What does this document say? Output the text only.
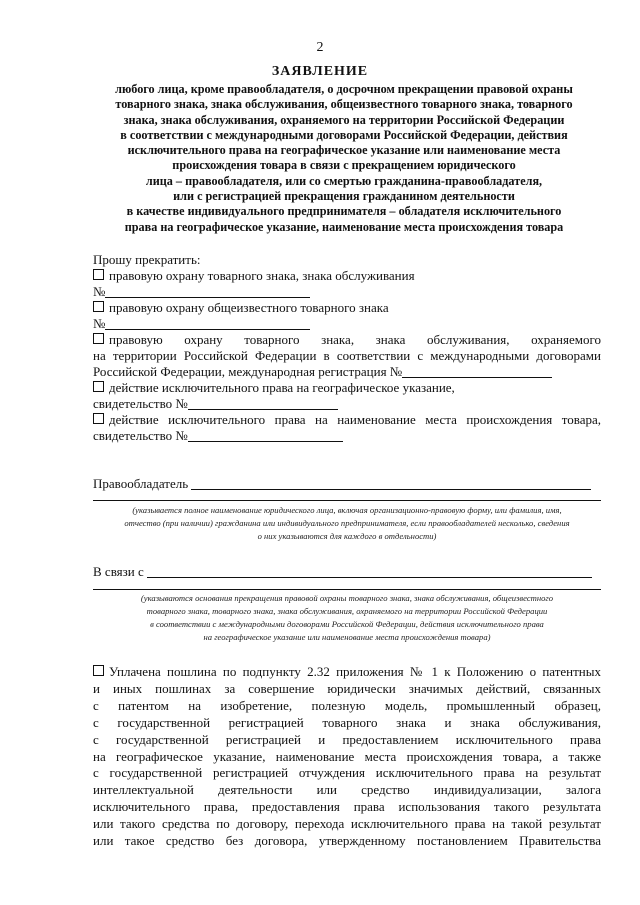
2
ЗАЯВЛЕНИЕ
любого лица, кроме правообладателя, о досрочном прекращении правовой охраны
товарного знака, знака обслуживания, общеизвестного товарного знака, товарного
знака, знака обслуживания, охраняемого на территории Российской Федерации
в соответствии с международными договорами Российской Федерации, действия
исключительного права на географическое указание или наименование места
происхождения товара в связи с прекращением юридического
лица – правообладателя, или со смертью гражданина-правообладателя,
или с регистрацией прекращения гражданином деятельности
в качестве индивидуального предпринимателя – обладателя исключительного
права на географическое указание, наименование места происхождения товара
Прошу прекратить:
правовую охрану товарного знака, знака обслуживания
№
правовую охрану общеизвестного товарного знака
№
правовую охрану товарного знака, знака обслуживания, охраняемого
на территории Российской Федерации в соответствии с международными договорами
Российской Федерации, международная регистрация №
действие исключительного права на географическое указание,
свидетельство №
действие исключительного права на наименование места происхождения товара,
свидетельство №
Правообладатель
(указывается полное наименование юридического лица, включая организационно-правовую форму, или фамилия, имя,
отчество (при наличии) гражданина или индивидуального предпринимателя, если правообладателей несколько, сведения
о них указываются для каждого в отдельности)
В связи с
(указываются основания прекращения правовой охраны товарного знака, знака обслуживания, общеизвестного
товарного знака, товарного знака, знака обслуживания, охраняемого на территории Российской Федерации
в соответствии с международными договорами Российской Федерации, действия исключительного права
на географическое указание или наименование места происхождения товара)
Уплачена пошлина по подпункту 2.32 приложения № 1 к Положению о патентных
и иных пошлинах за совершение юридически значимых действий, связанных
с патентом на изобретение, полезную модель, промышленный образец,
с государственной регистрацией товарного знака и знака обслуживания,
с государственной регистрацией и предоставлением исключительного права
на географическое указание, наименование места происхождения товара, а также
с государственной регистрацией отчуждения исключительного права на результат
интеллектуальной деятельности или средство индивидуализации, залога
исключительного права, предоставления права использования такого результата
или такого средства по договору, перехода исключительного права на такой результат
или такое средство без договора, утвержденному постановлением Правительства
